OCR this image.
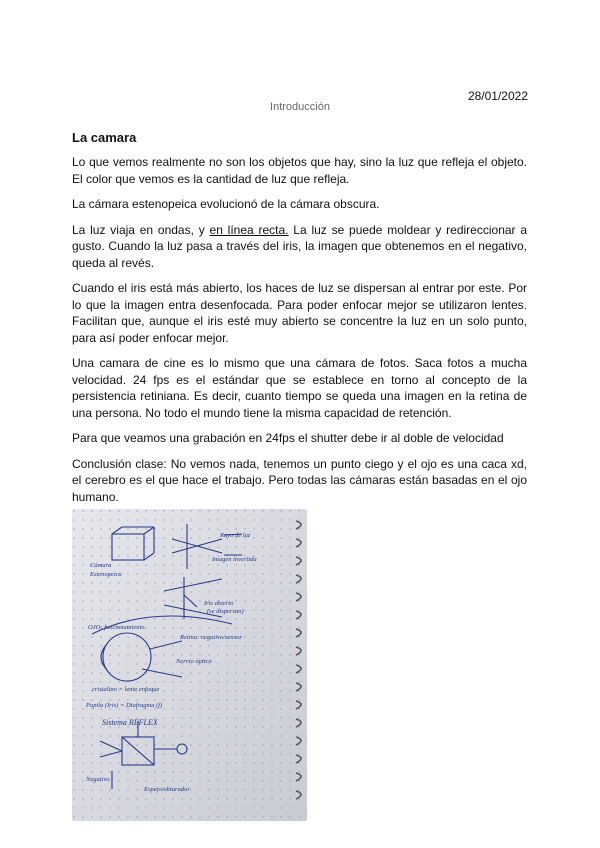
28/01/2022
Introducción
La camara

Lo que vemos realmente no son los objetos que hay, sino la luz que refleja el objeto. El color que vemos es la cantidad de luz que refleja.

La cámara estenopeica evolucionó de la cámara obscura.

La luz viaja en ondas, y en línea recta. La luz se puede moldear y redireccionar a gusto. Cuando la luz pasa a través del iris, la imagen que obtenemos en el negativo, queda al revés.

Cuando el iris está más abierto, los haces de luz se dispersan al entrar por este. Por lo que la imagen entra desenfocada. Para poder enfocar mejor se utilizaron lentes. Facilitan que, aunque el iris esté muy abierto se concentre la luz en un solo punto, para así poder enfocar mejor.

Una camara de cine es lo mismo que una cámara de fotos. Saca fotos a mucha velocidad. 24 fps es el estándar que se establece en torno al concepto de la persistencia retiniana. Es decir, cuanto tiempo se queda una imagen en la retina de una persona. No todo el mundo tiene la misma capacidad de retención.

Para que veamos una grabación en 24fps el shutter debe ir al doble de velocidad

Conclusión clase: No vemos nada, tenemos un punto ciego y el ojo es una caca xd, el cerebro es el que hace el trabajo. Pero todas las cámaras están basadas en el ojo humano.

Rayo de luz
Imagen invertida
Cámara
Estenopeica
Iris abierto
(se dispersan)
OJO: funcionamiento
Retina: negativo/sensor
Nervio óptico
cristalino = lente enfoque
Pupila (Iris) = Diafragma (f)
Sistema REFLEX
Espejo/obturador
Negativo
